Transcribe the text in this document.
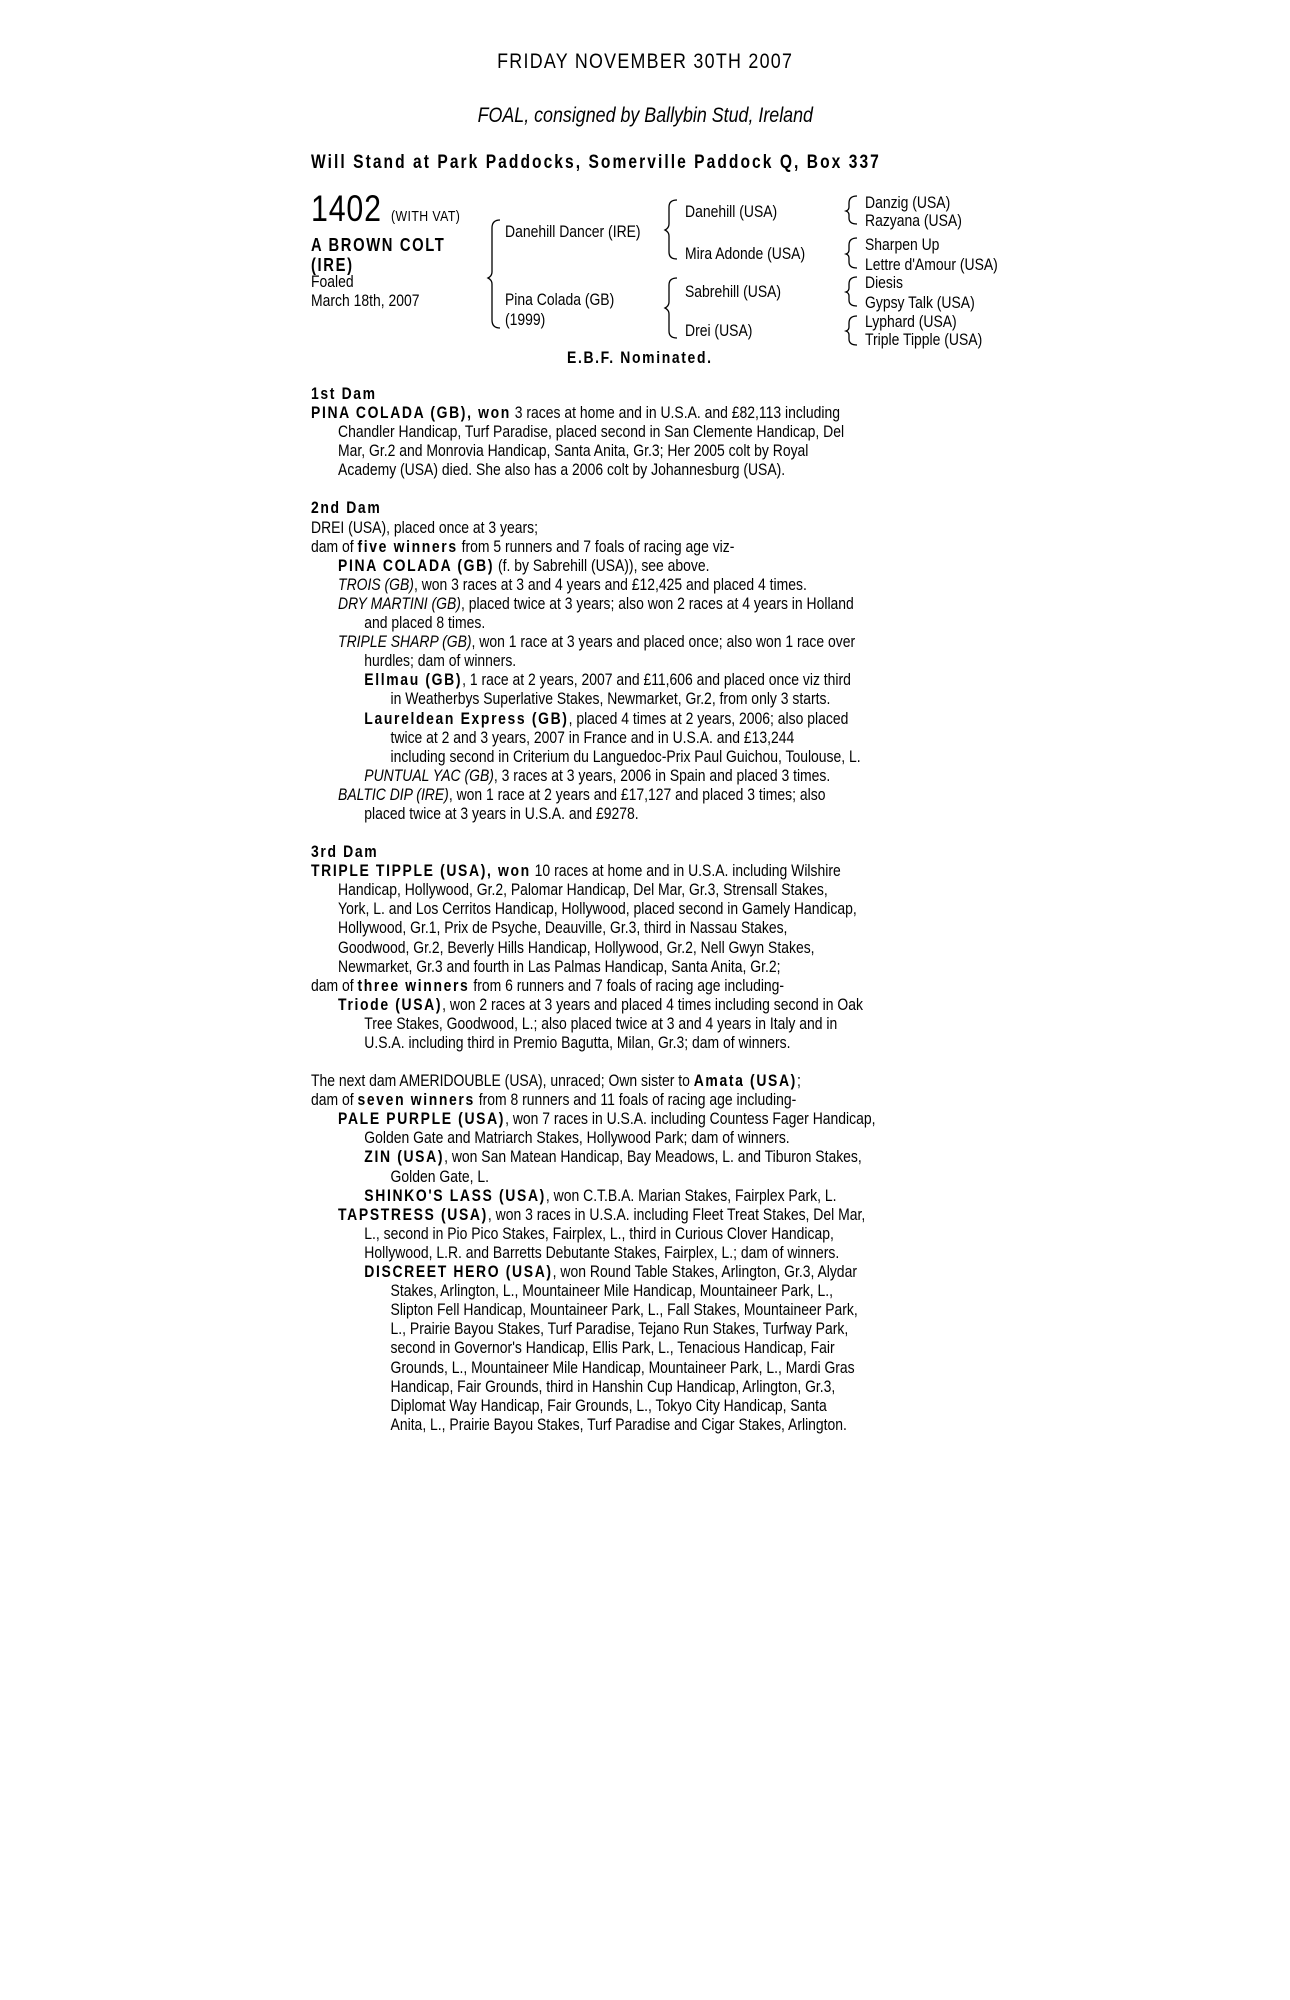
FRIDAY NOVEMBER 30TH 2007
FOAL, consigned by Ballybin Stud, Ireland
Will Stand at Park Paddocks, Somerville Paddock Q, Box 337
1402 (WITH VAT)
A BROWN COLT
(IRE)
Foaled
March 18th, 2007
Danehill Dancer (IRE)
Pina Colada (GB)
(1999)
Danehill (USA)
Mira Adonde (USA)
Sabrehill (USA)
Drei (USA)
Danzig (USA)
Razyana (USA)
Sharpen Up
Lettre d'Amour (USA)
Diesis
Gypsy Talk (USA)
Lyphard (USA)
Triple Tipple (USA)
E.B.F. Nominated.
1st Dam
PINA COLADA (GB), won 3 races at home and in U.S.A. and £82,113 including
Chandler Handicap, Turf Paradise, placed second in San Clemente Handicap, Del
Mar, Gr.2 and Monrovia Handicap, Santa Anita, Gr.3; Her 2005 colt by Royal
Academy (USA) died. She also has a 2006 colt by Johannesburg (USA).
2nd Dam
DREI (USA), placed once at 3 years;
dam of five winners from 5 runners and 7 foals of racing age viz-
PINA COLADA (GB) (f. by Sabrehill (USA)), see above.
TROIS (GB), won 3 races at 3 and 4 years and £12,425 and placed 4 times.
DRY MARTINI (GB), placed twice at 3 years; also won 2 races at 4 years in Holland
and placed 8 times.
TRIPLE SHARP (GB), won 1 race at 3 years and placed once; also won 1 race over
hurdles; dam of winners.
Ellmau (GB), 1 race at 2 years, 2007 and £11,606 and placed once viz third
in Weatherbys Superlative Stakes, Newmarket, Gr.2, from only 3 starts.
Laureldean Express (GB), placed 4 times at 2 years, 2006; also placed
twice at 2 and 3 years, 2007 in France and in U.S.A. and £13,244
including second in Criterium du Languedoc-Prix Paul Guichou, Toulouse, L.
PUNTUAL YAC (GB), 3 races at 3 years, 2006 in Spain and placed 3 times.
BALTIC DIP (IRE), won 1 race at 2 years and £17,127 and placed 3 times; also
placed twice at 3 years in U.S.A. and £9278.
3rd Dam
TRIPLE TIPPLE (USA), won 10 races at home and in U.S.A. including Wilshire
Handicap, Hollywood, Gr.2, Palomar Handicap, Del Mar, Gr.3, Strensall Stakes,
York, L. and Los Cerritos Handicap, Hollywood, placed second in Gamely Handicap,
Hollywood, Gr.1, Prix de Psyche, Deauville, Gr.3, third in Nassau Stakes,
Goodwood, Gr.2, Beverly Hills Handicap, Hollywood, Gr.2, Nell Gwyn Stakes,
Newmarket, Gr.3 and fourth in Las Palmas Handicap, Santa Anita, Gr.2;
dam of three winners from 6 runners and 7 foals of racing age including-
Triode (USA), won 2 races at 3 years and placed 4 times including second in Oak
Tree Stakes, Goodwood, L.; also placed twice at 3 and 4 years in Italy and in
U.S.A. including third in Premio Bagutta, Milan, Gr.3; dam of winners.
The next dam AMERIDOUBLE (USA), unraced; Own sister to Amata (USA);
dam of seven winners from 8 runners and 11 foals of racing age including-
PALE PURPLE (USA), won 7 races in U.S.A. including Countess Fager Handicap,
Golden Gate and Matriarch Stakes, Hollywood Park; dam of winners.
ZIN (USA), won San Matean Handicap, Bay Meadows, L. and Tiburon Stakes,
Golden Gate, L.
SHINKO'S LASS (USA), won C.T.B.A. Marian Stakes, Fairplex Park, L.
TAPSTRESS (USA), won 3 races in U.S.A. including Fleet Treat Stakes, Del Mar,
L., second in Pio Pico Stakes, Fairplex, L., third in Curious Clover Handicap,
Hollywood, L.R. and Barretts Debutante Stakes, Fairplex, L.; dam of winners.
DISCREET HERO (USA), won Round Table Stakes, Arlington, Gr.3, Alydar
Stakes, Arlington, L., Mountaineer Mile Handicap, Mountaineer Park, L.,
Slipton Fell Handicap, Mountaineer Park, L., Fall Stakes, Mountaineer Park,
L., Prairie Bayou Stakes, Turf Paradise, Tejano Run Stakes, Turfway Park,
second in Governor's Handicap, Ellis Park, L., Tenacious Handicap, Fair
Grounds, L., Mountaineer Mile Handicap, Mountaineer Park, L., Mardi Gras
Handicap, Fair Grounds, third in Hanshin Cup Handicap, Arlington, Gr.3,
Diplomat Way Handicap, Fair Grounds, L., Tokyo City Handicap, Santa
Anita, L., Prairie Bayou Stakes, Turf Paradise and Cigar Stakes, Arlington.
